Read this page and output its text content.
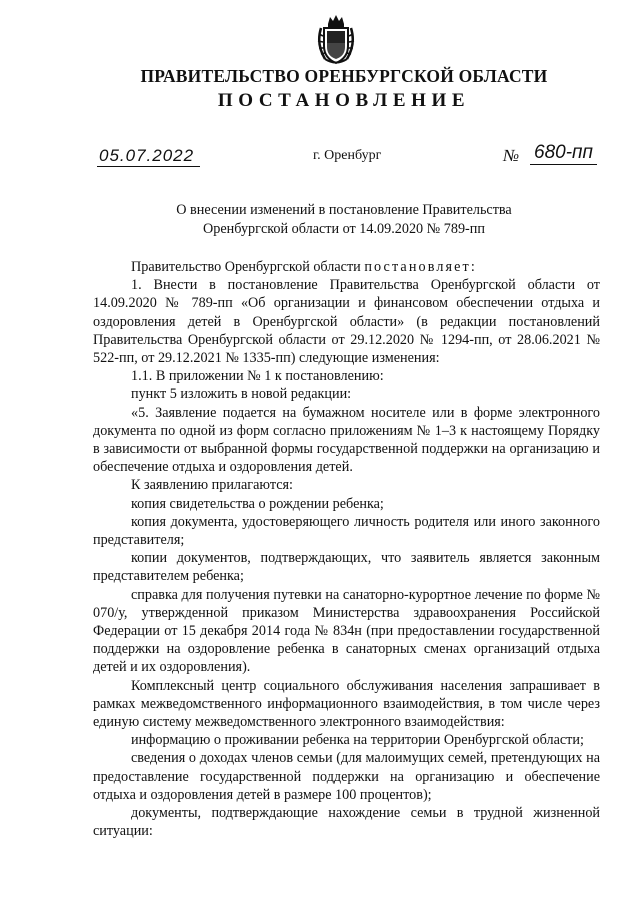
ПРАВИТЕЛЬСТВО ОРЕНБУРГСКОЙ ОБЛАСТИ
ПОСТАНОВЛЕНИЕ
05.07.2022	г. Оренбург	№ 680-пп
О внесении изменений в постановление Правительства
Оренбургской области от 14.09.2020 № 789-пп

Правительство Оренбургской области постановляет:

1. Внести в постановление Правительства Оренбургской области от 14.09.2020 № 789-пп «Об организации и финансовом обеспечении отдыха и оздоровления детей в Оренбургской области» (в редакции постановлений Правительства Оренбургской области от 29.12.2020 № 1294-пп, от 28.06.2021 № 522-пп, от 29.12.2021 № 1335-пп) следующие изменения:

1.1. В приложении № 1 к постановлению:

пункт 5 изложить в новой редакции:

«5. Заявление подается на бумажном носителе или в форме электронного документа по одной из форм согласно приложениям № 1–3 к настоящему Порядку в зависимости от выбранной формы государственной поддержки на организацию и обеспечение отдыха и оздоровления детей.

К заявлению прилагаются:

копия свидетельства о рождении ребенка;

копия документа, удостоверяющего личность родителя или иного законного представителя;

копии документов, подтверждающих, что заявитель является законным представителем ребенка;

справка для получения путевки на санаторно-курортное лечение по форме № 070/у, утвержденной приказом Министерства здравоохранения Российской Федерации от 15 декабря 2014 года № 834н (при предоставлении государственной поддержки на оздоровление ребенка в санаторных сменах организаций отдыха детей и их оздоровления).

Комплексный центр социального обслуживания населения запрашивает в рамках межведомственного информационного взаимодействия, в том числе через единую систему межведомственного электронного взаимодействия:

информацию о проживании ребенка на территории Оренбургской области;

сведения о доходах членов семьи (для малоимущих семей, претендующих на предоставление государственной поддержки на организацию и обеспечение отдыха и оздоровления детей в размере 100 процентов);

документы, подтверждающие нахождение семьи в трудной жизненной ситуации:
